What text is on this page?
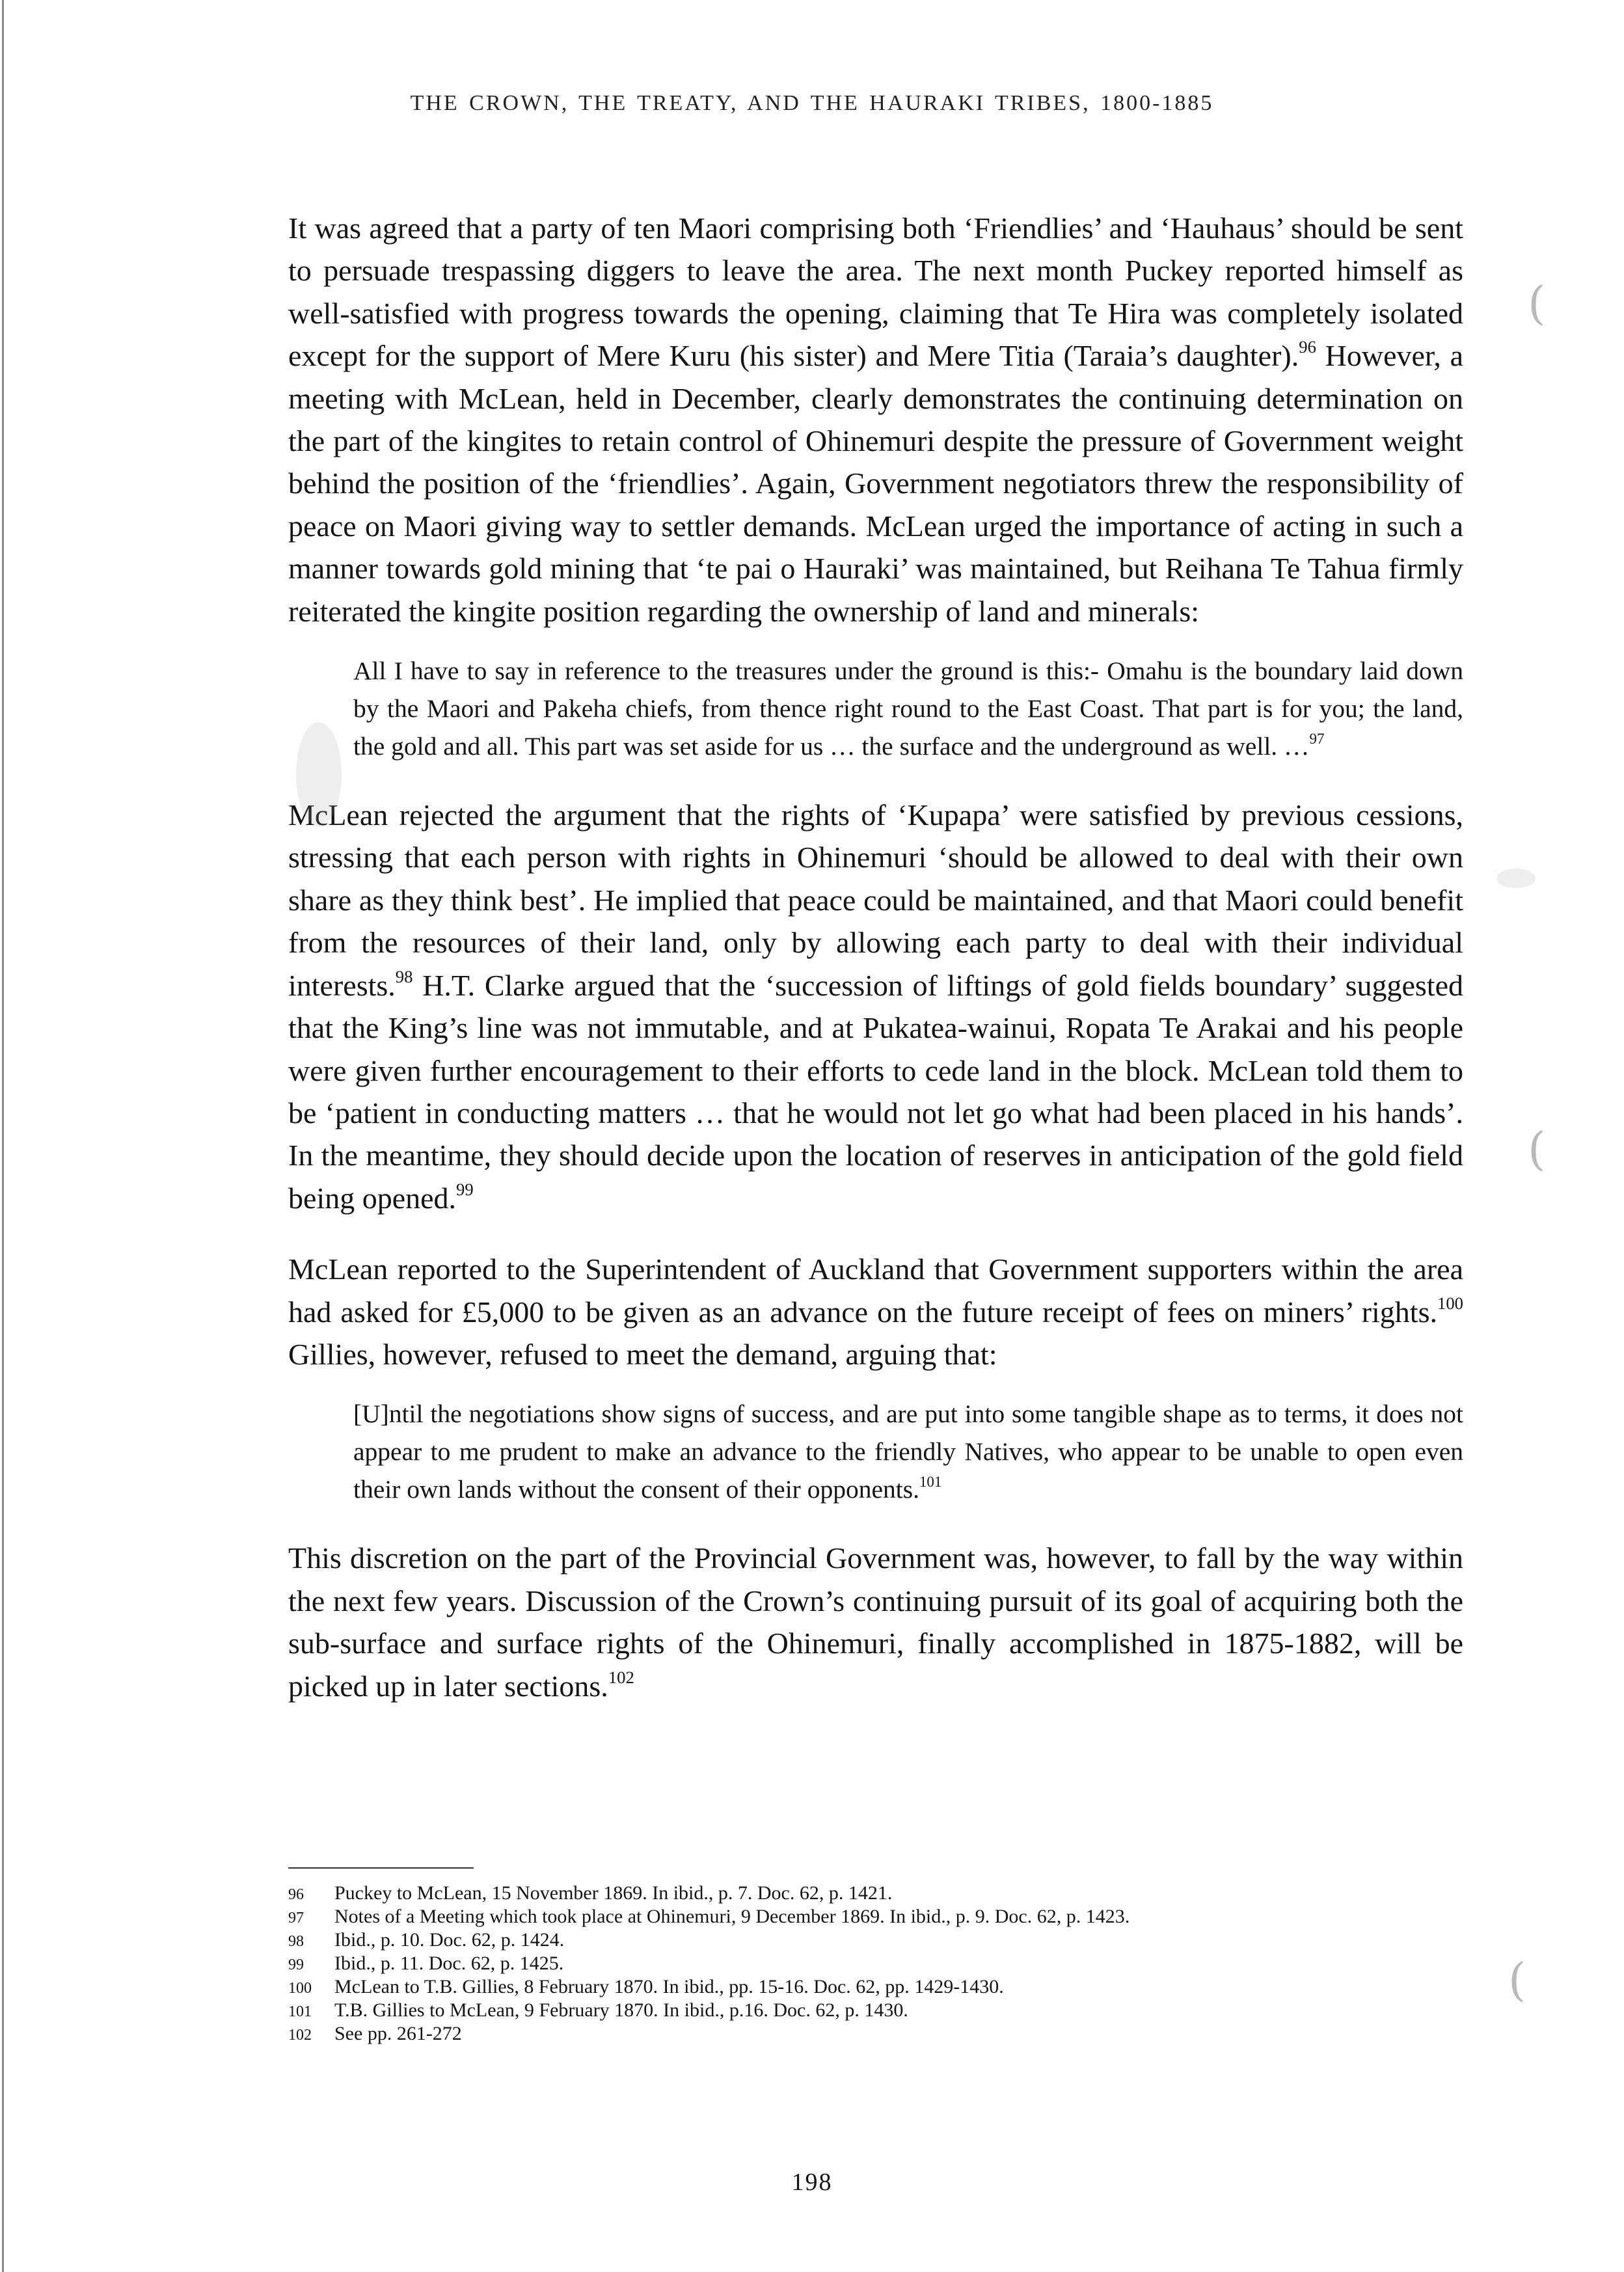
THE CROWN, THE TREATY, AND THE HAURAKI TRIBES, 1800-1885

It was agreed that a party of ten Maori comprising both ‘Friendlies’ and ‘Hauhaus’ should be sent to persuade trespassing diggers to leave the area. The next month Puckey reported himself as well-satisfied with progress towards the opening, claiming that Te Hira was completely isolated except for the support of Mere Kuru (his sister) and Mere Titia (Taraia’s daughter).$^{96}$ However, a meeting with McLean, held in December, clearly demonstrates the continuing determination on the part of the kingites to retain control of Ohinemuri despite the pressure of Government weight behind the position of the ‘friendlies’. Again, Government negotiators threw the responsibility of peace on Maori giving way to settler demands. McLean urged the importance of acting in such a manner towards gold mining that ‘te pai o Hauraki’ was maintained, but Reihana Te Tahua firmly reiterated the kingite position regarding the ownership of land and minerals:

All I have to say in reference to the treasures under the ground is this:- Omahu is the boundary laid down by the Maori and Pakeha chiefs, from thence right round to the East Coast. That part is for you; the land, the gold and all. This part was set aside for us … the surface and the underground as well. …$^{97}$

McLean rejected the argument that the rights of ‘Kupapa’ were satisfied by previous cessions, stressing that each person with rights in Ohinemuri ‘should be allowed to deal with their own share as they think best’. He implied that peace could be maintained, and that Maori could benefit from the resources of their land, only by allowing each party to deal with their individual interests.$^{98}$ H.T. Clarke argued that the ‘succession of liftings of gold fields boundary’ suggested that the King’s line was not immutable, and at Pukatea-wainui, Ropata Te Arakai and his people were given further encouragement to their efforts to cede land in the block. McLean told them to be ‘patient in conducting matters … that he would not let go what had been placed in his hands’. In the meantime, they should decide upon the location of reserves in anticipation of the gold field being opened.$^{99}$

McLean reported to the Superintendent of Auckland that Government supporters within the area had asked for £5,000 to be given as an advance on the future receipt of fees on miners’ rights.$^{100}$ Gillies, however, refused to meet the demand, arguing that:

[U]ntil the negotiations show signs of success, and are put into some tangible shape as to terms, it does not appear to me prudent to make an advance to the friendly Natives, who appear to be unable to open even their own lands without the consent of their opponents.$^{101}$

This discretion on the part of the Provincial Government was, however, to fall by the way within the next few years. Discussion of the Crown’s continuing pursuit of its goal of acquiring both the sub-surface and surface rights of the Ohinemuri, finally accomplished in 1875-1882, will be picked up in later sections.$^{102}$

96	Puckey to McLean, 15 November 1869. In ibid., p. 7. Doc. 62, p. 1421.
97	Notes of a Meeting which took place at Ohinemuri, 9 December 1869. In ibid., p. 9. Doc. 62, p. 1423.
98	Ibid., p. 10. Doc. 62, p. 1424.
99	Ibid., p. 11. Doc. 62, p. 1425.
100	McLean to T.B. Gillies, 8 February 1870. In ibid., pp. 15-16. Doc. 62, pp. 1429-1430.
101	T.B. Gillies to McLean, 9 February 1870. In ibid., p.16. Doc. 62, p. 1430.
102	See pp. 261-272
198
(
(
(
